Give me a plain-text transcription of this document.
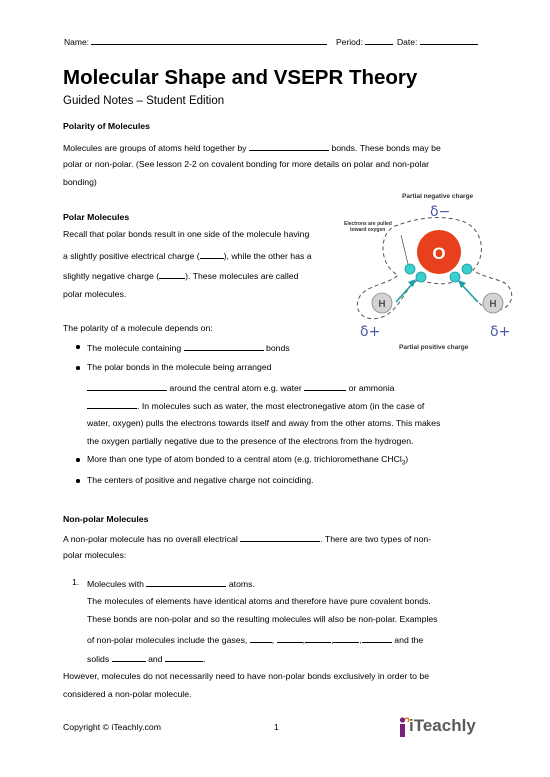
Name:	Period:	Date:
Molecular Shape and VSEPR Theory
Guided Notes – Student Edition
Polarity of Molecules
Molecules are groups of atoms held together by	bonds. These bonds may be
polar or non-polar. (See lesson 2-2 on covalent bonding for more details on polar and non-polar
bonding)
Polar Molecules
Recall that polar bonds result in one side of the molecule having
a slightly positive electrical charge (	), while the other has a
slightly negative charge (	). These molecules are called
polar molecules.
The polarity of a molecule depends on:
The molecule containing	bonds
The polar bonds in the molecule being arranged
around the central atom e.g. water	or ammonia
. In molecules such as water, the most electronegative atom (in the case of
water, oxygen) pulls the electrons towards itself and away from the other atoms. This makes
the oxygen partially negative due to the presence of the electrons from the hydrogen.
More than one type of atom bonded to a central atom (e.g. trichloromethane CHCl$_3$)
The centers of positive and negative charge not coinciding.
O
H	H
Partial negative charge
Electrons are pulled
toward oxygen
δ−
δ+	δ+
Partial positive charge
Non-polar Molecules
A non-polar molecule has no overall electrical	. There are two types of non-
polar molecules:
1. Molecules with	atoms.
The molecules of elements have identical atoms and therefore have pure covalent bonds.
These bonds are non-polar and so the resulting molecules will also be non-polar. Examples
of non-polar molecules include the gases,	,	,	,	,	and the
solids	and	.
However, molecules do not necessarily need to have non-polar bonds exclusively in order to be
considered a non-polar molecule.
Copyright © iTeachly.com	1	iTeachly
